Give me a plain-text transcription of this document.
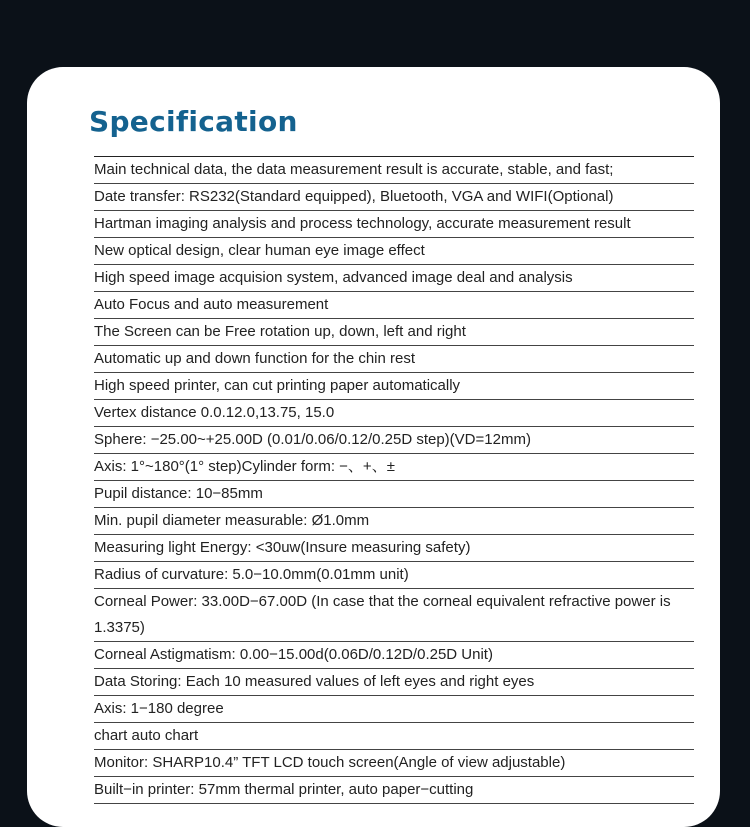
Specification
Main technical data, the data measurement result is accurate, stable, and fast;
Date transfer: RS232(Standard equipped), Bluetooth, VGA and WIFI(Optional)
Hartman imaging analysis and process technology, accurate measurement result
New optical design, clear human eye image effect
High speed image acquision system, advanced image deal and analysis
Auto Focus and auto measurement
The Screen can be Free rotation up, down, left and right
Automatic up and down function for the chin rest
High speed printer, can cut printing paper automatically
Vertex distance 0.0.12.0,13.75, 15.0
Sphere: −25.00~+25.00D (0.01/0.06/0.12/0.25D step)(VD=12mm)
Axis: 1°~180°(1° step)Cylinder form: −、+、±
Pupil distance: 10−85mm
Min. pupil diameter measurable: Ø1.0mm
Measuring light Energy: <30uw(Insure measuring safety)
Radius of curvature: 5.0−10.0mm(0.01mm unit)
Corneal Power: 33.00D−67.00D (In case that the corneal equivalent refractive power is 1.3375)
Corneal Astigmatism: 0.00−15.00d(0.06D/0.12D/0.25D Unit)
Data Storing: Each 10 measured values of left eyes and right eyes
Axis: 1−180 degree
chart auto chart
Monitor: SHARP10.4” TFT LCD touch screen(Angle of view adjustable)
Built−in printer: 57mm thermal printer, auto paper−cutting
